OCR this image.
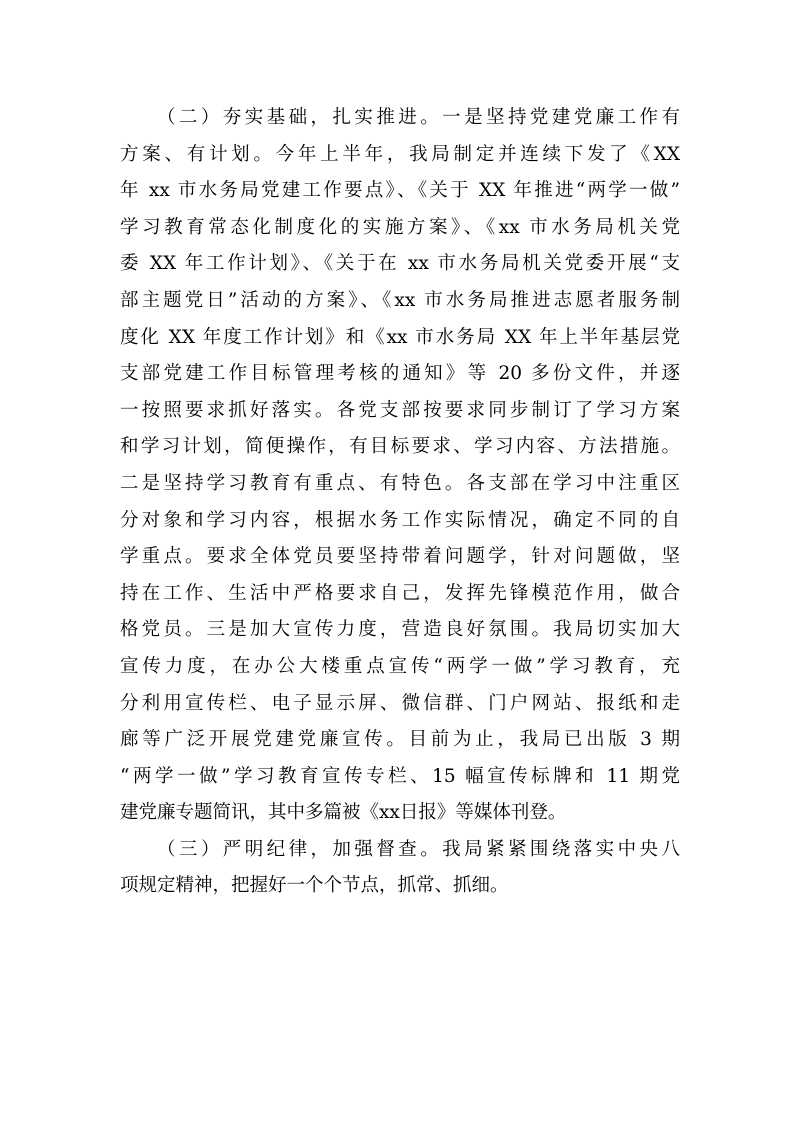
（二）夯实基础，扎实推进。一是坚持党建党廉工作有
方案、有计划。今年上半年，我局制定并连续下发了《XX
年 xx 市水务局党建工作要点》、《关于 XX 年推进“两学一做”
学习教育常态化制度化的实施方案》、《xx 市水务局机关党
委 XX 年工作计划》、《关于在 xx 市水务局机关党委开展“支
部主题党日”活动的方案》、《xx 市水务局推进志愿者服务制
度化 XX 年度工作计划》和《xx 市水务局 XX 年上半年基层党
支部党建工作目标管理考核的通知》等 20 多份文件，并逐
一按照要求抓好落实。各党支部按要求同步制订了学习方案
和学习计划，简便操作，有目标要求、学习内容、方法措施。
二是坚持学习教育有重点、有特色。各支部在学习中注重区
分对象和学习内容，根据水务工作实际情况，确定不同的自
学重点。要求全体党员要坚持带着问题学，针对问题做，坚
持在工作、生活中严格要求自己，发挥先锋模范作用，做合
格党员。三是加大宣传力度，营造良好氛围。我局切实加大
宣传力度，在办公大楼重点宣传“两学一做”学习教育，充
分利用宣传栏、电子显示屏、微信群、门户网站、报纸和走
廊等广泛开展党建党廉宣传。目前为止，我局已出版 3 期
“两学一做”学习教育宣传专栏、15 幅宣传标牌和 11 期党
建党廉专题简讯，其中多篇被《xx日报》等媒体刊登。
（三）严明纪律，加强督查。我局紧紧围绕落实中央八
项规定精神，把握好一个个节点，抓常、抓细。
